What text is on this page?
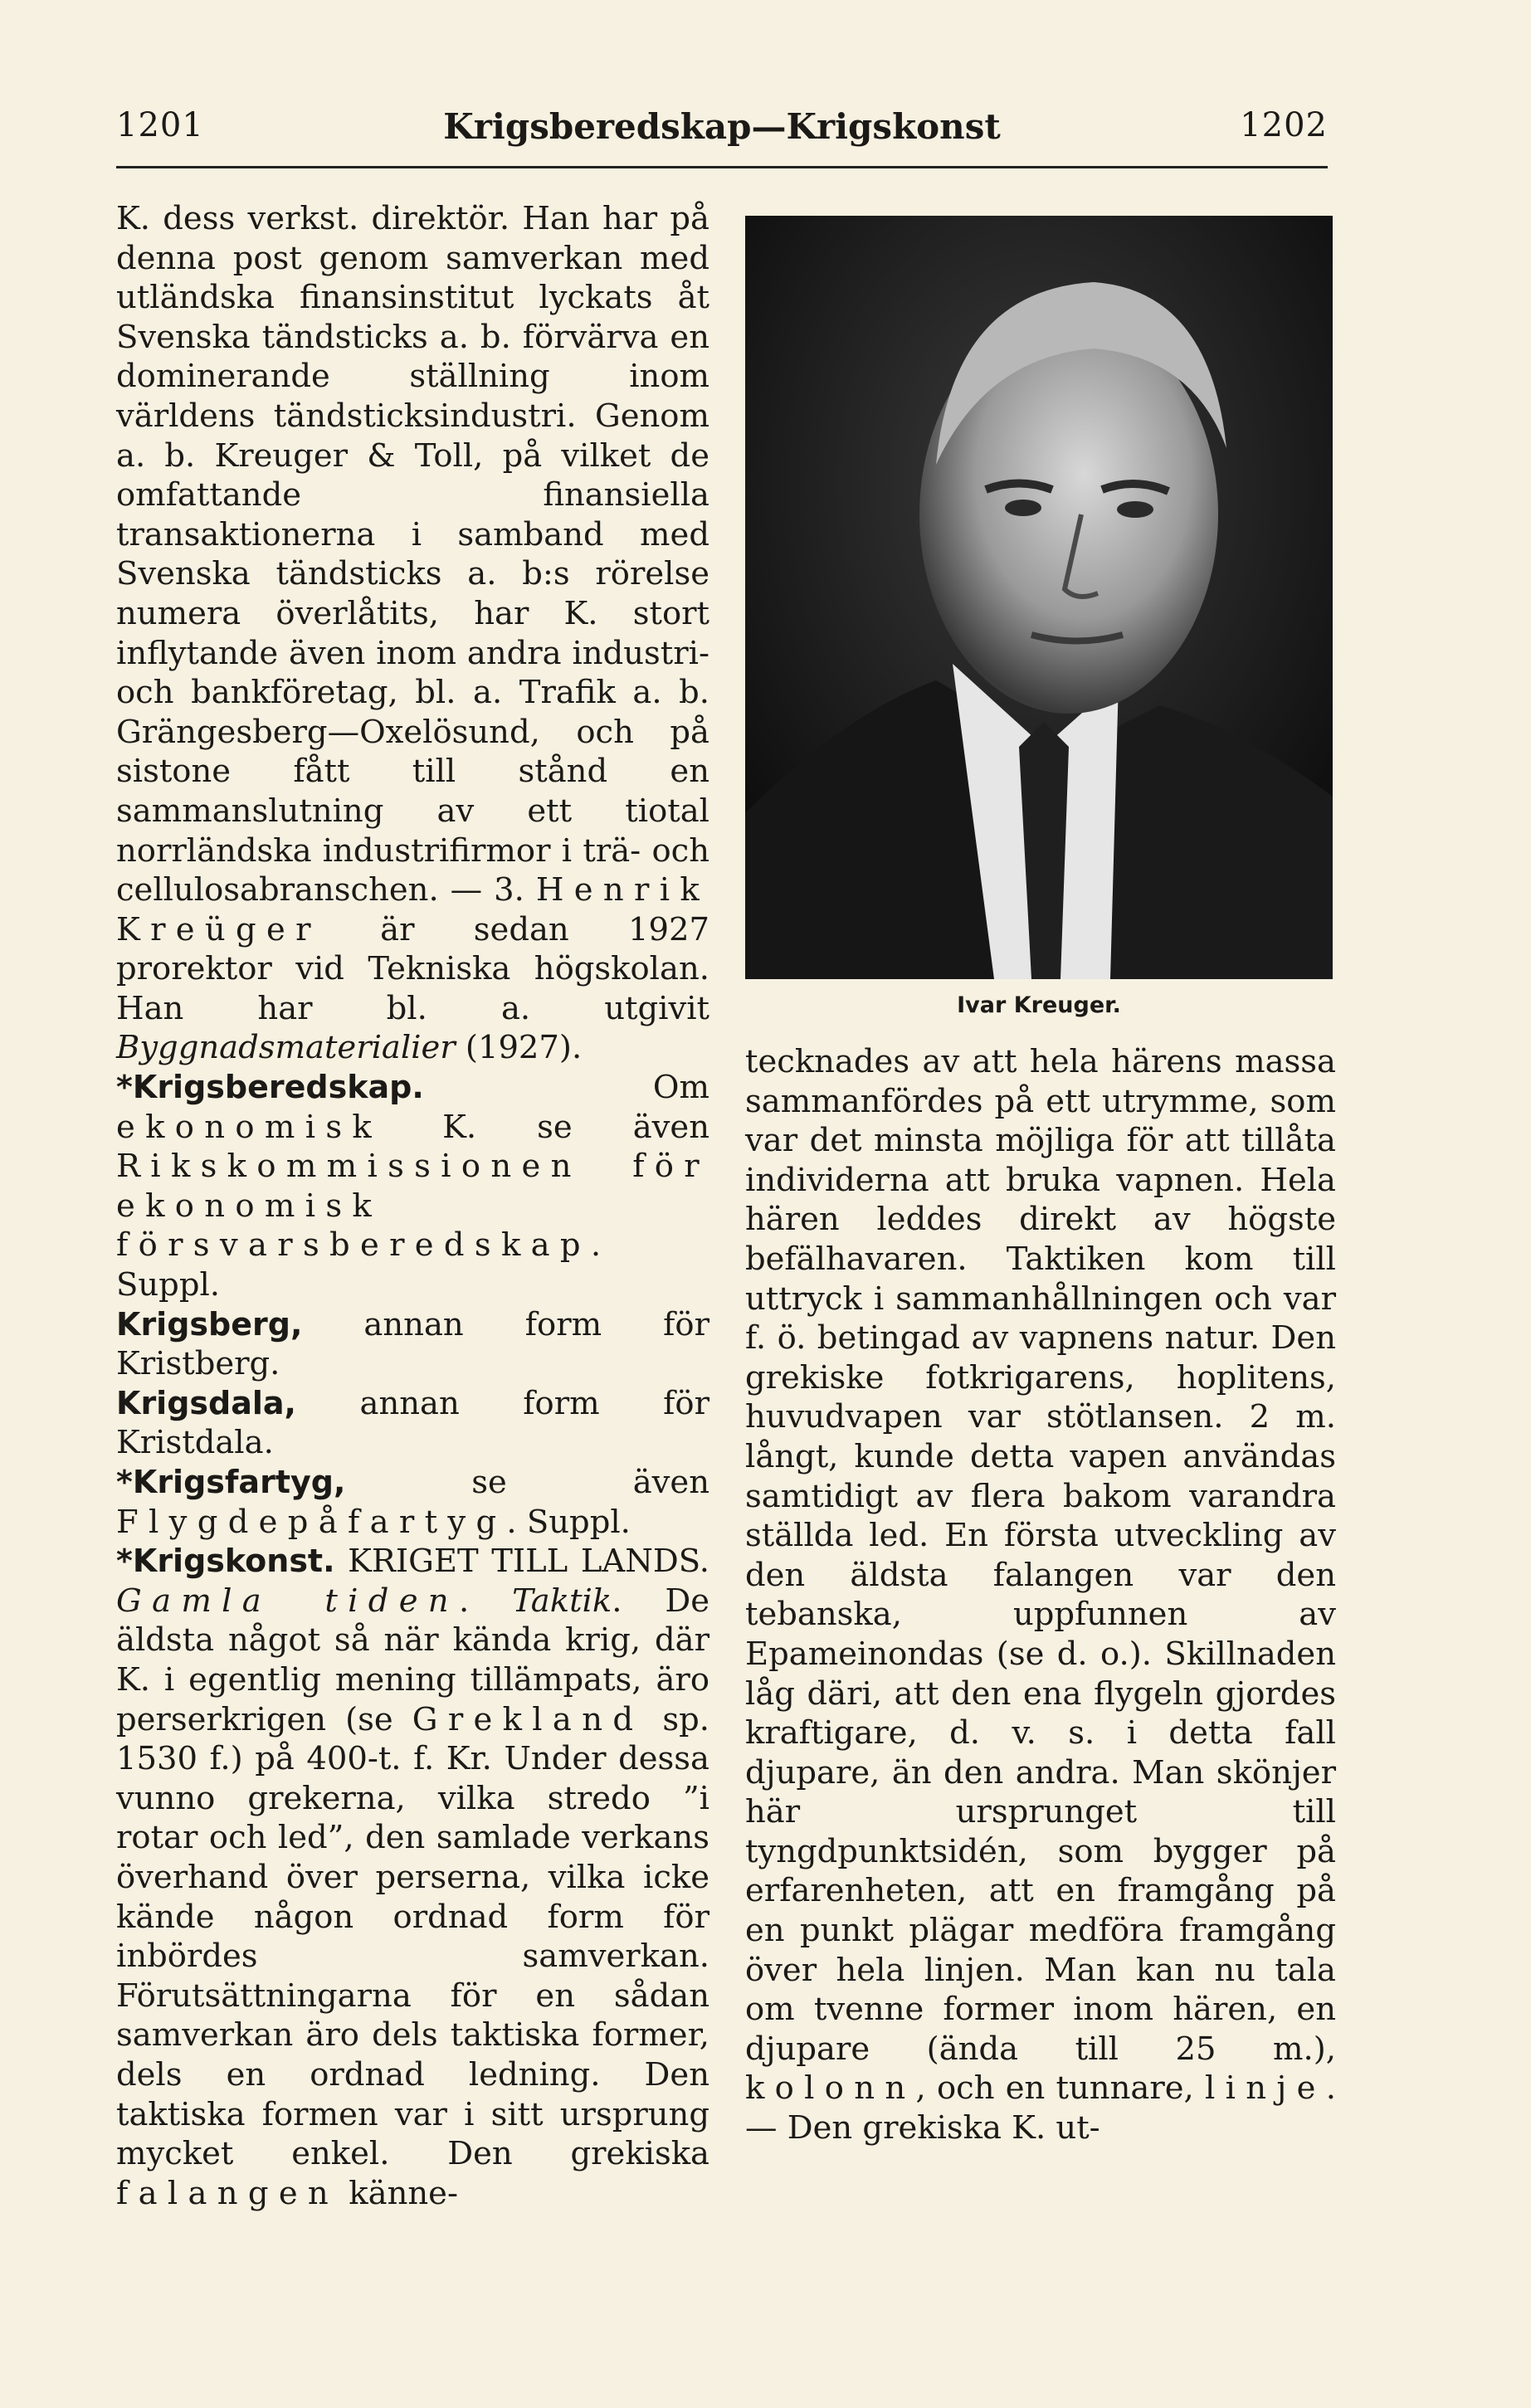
1201	Krigsberedskap—Krigskonst	1202

K. dess verkst. direktör. Han har på denna post genom samverkan med utländska finansinstitut lyckats åt Svenska tändsticks a. b. förvärva en dominerande ställning inom världens tändsticksindustri. Genom a. b. Kreuger & Toll, på vilket de omfattande finansiella transaktionerna i samband med Svenska tändsticks a. b:s rörelse numera överlåtits, har K. stort inflytande även inom andra industri- och bankföretag, bl. a. Trafik a. b. Grängesberg—Oxelösund, och på sistone fått till stånd en sammanslutning av ett tiotal norrländska industrifirmor i trä- och cellulosabranschen. — 3. Henrik Kreüger är sedan 1927 prorektor vid Tekniska högskolan. Han har bl. a. utgivit Byggnadsmaterialier (1927).

*Krigsberedskap. Om ekonomisk K. se även Rikskommissionen för ekonomisk försvarsberedskap. Suppl.

Krigsberg, annan form för Kristberg.

Krigsdala, annan form för Kristdala.

*Krigsfartyg, se även Flygdepåfartyg. Suppl.

*Krigskonst. KRIGET TILL LANDS. Gamla tiden. Taktik. De äldsta något så när kända krig, där K. i egentlig mening tillämpats, äro perserkrigen (se Grekland sp. 1530 f.) på 400-t. f. Kr. Under dessa vunno grekerna, vilka stredo ”i rotar och led”, den samlade verkans överhand över perserna, vilka icke kände någon ordnad form för inbördes samverkan. Förutsättningarna för en sådan samverkan äro dels taktiska former, dels en ordnad ledning. Den taktiska formen var i sitt ursprung mycket enkel. Den grekiska falangen känne-

Ivar Kreuger.

tecknades av att hela härens massa sammanfördes på ett utrymme, som var det minsta möjliga för att tillåta individerna att bruka vapnen. Hela hären leddes direkt av högste befälhavaren. Taktiken kom till uttryck i sammanhållningen och var f. ö. betingad av vapnens natur. Den grekiske fotkrigarens, hoplitens, huvudvapen var stötlansen. 2 m. långt, kunde detta vapen användas samtidigt av flera bakom varandra ställda led. En första utveckling av den äldsta falangen var den tebanska, uppfunnen av Epameinondas (se d. o.). Skillnaden låg däri, att den ena flygeln gjordes kraftigare, d. v. s. i detta fall djupare, än den andra. Man skönjer här ursprunget till tyngdpunktsidén, som bygger på erfarenheten, att en framgång på en punkt plägar medföra framgång över hela linjen. Man kan nu tala om tvenne former inom hären, en djupare (ända till 25 m.), kolonn, och en tunnare, linje. — Den grekiska K. ut-
